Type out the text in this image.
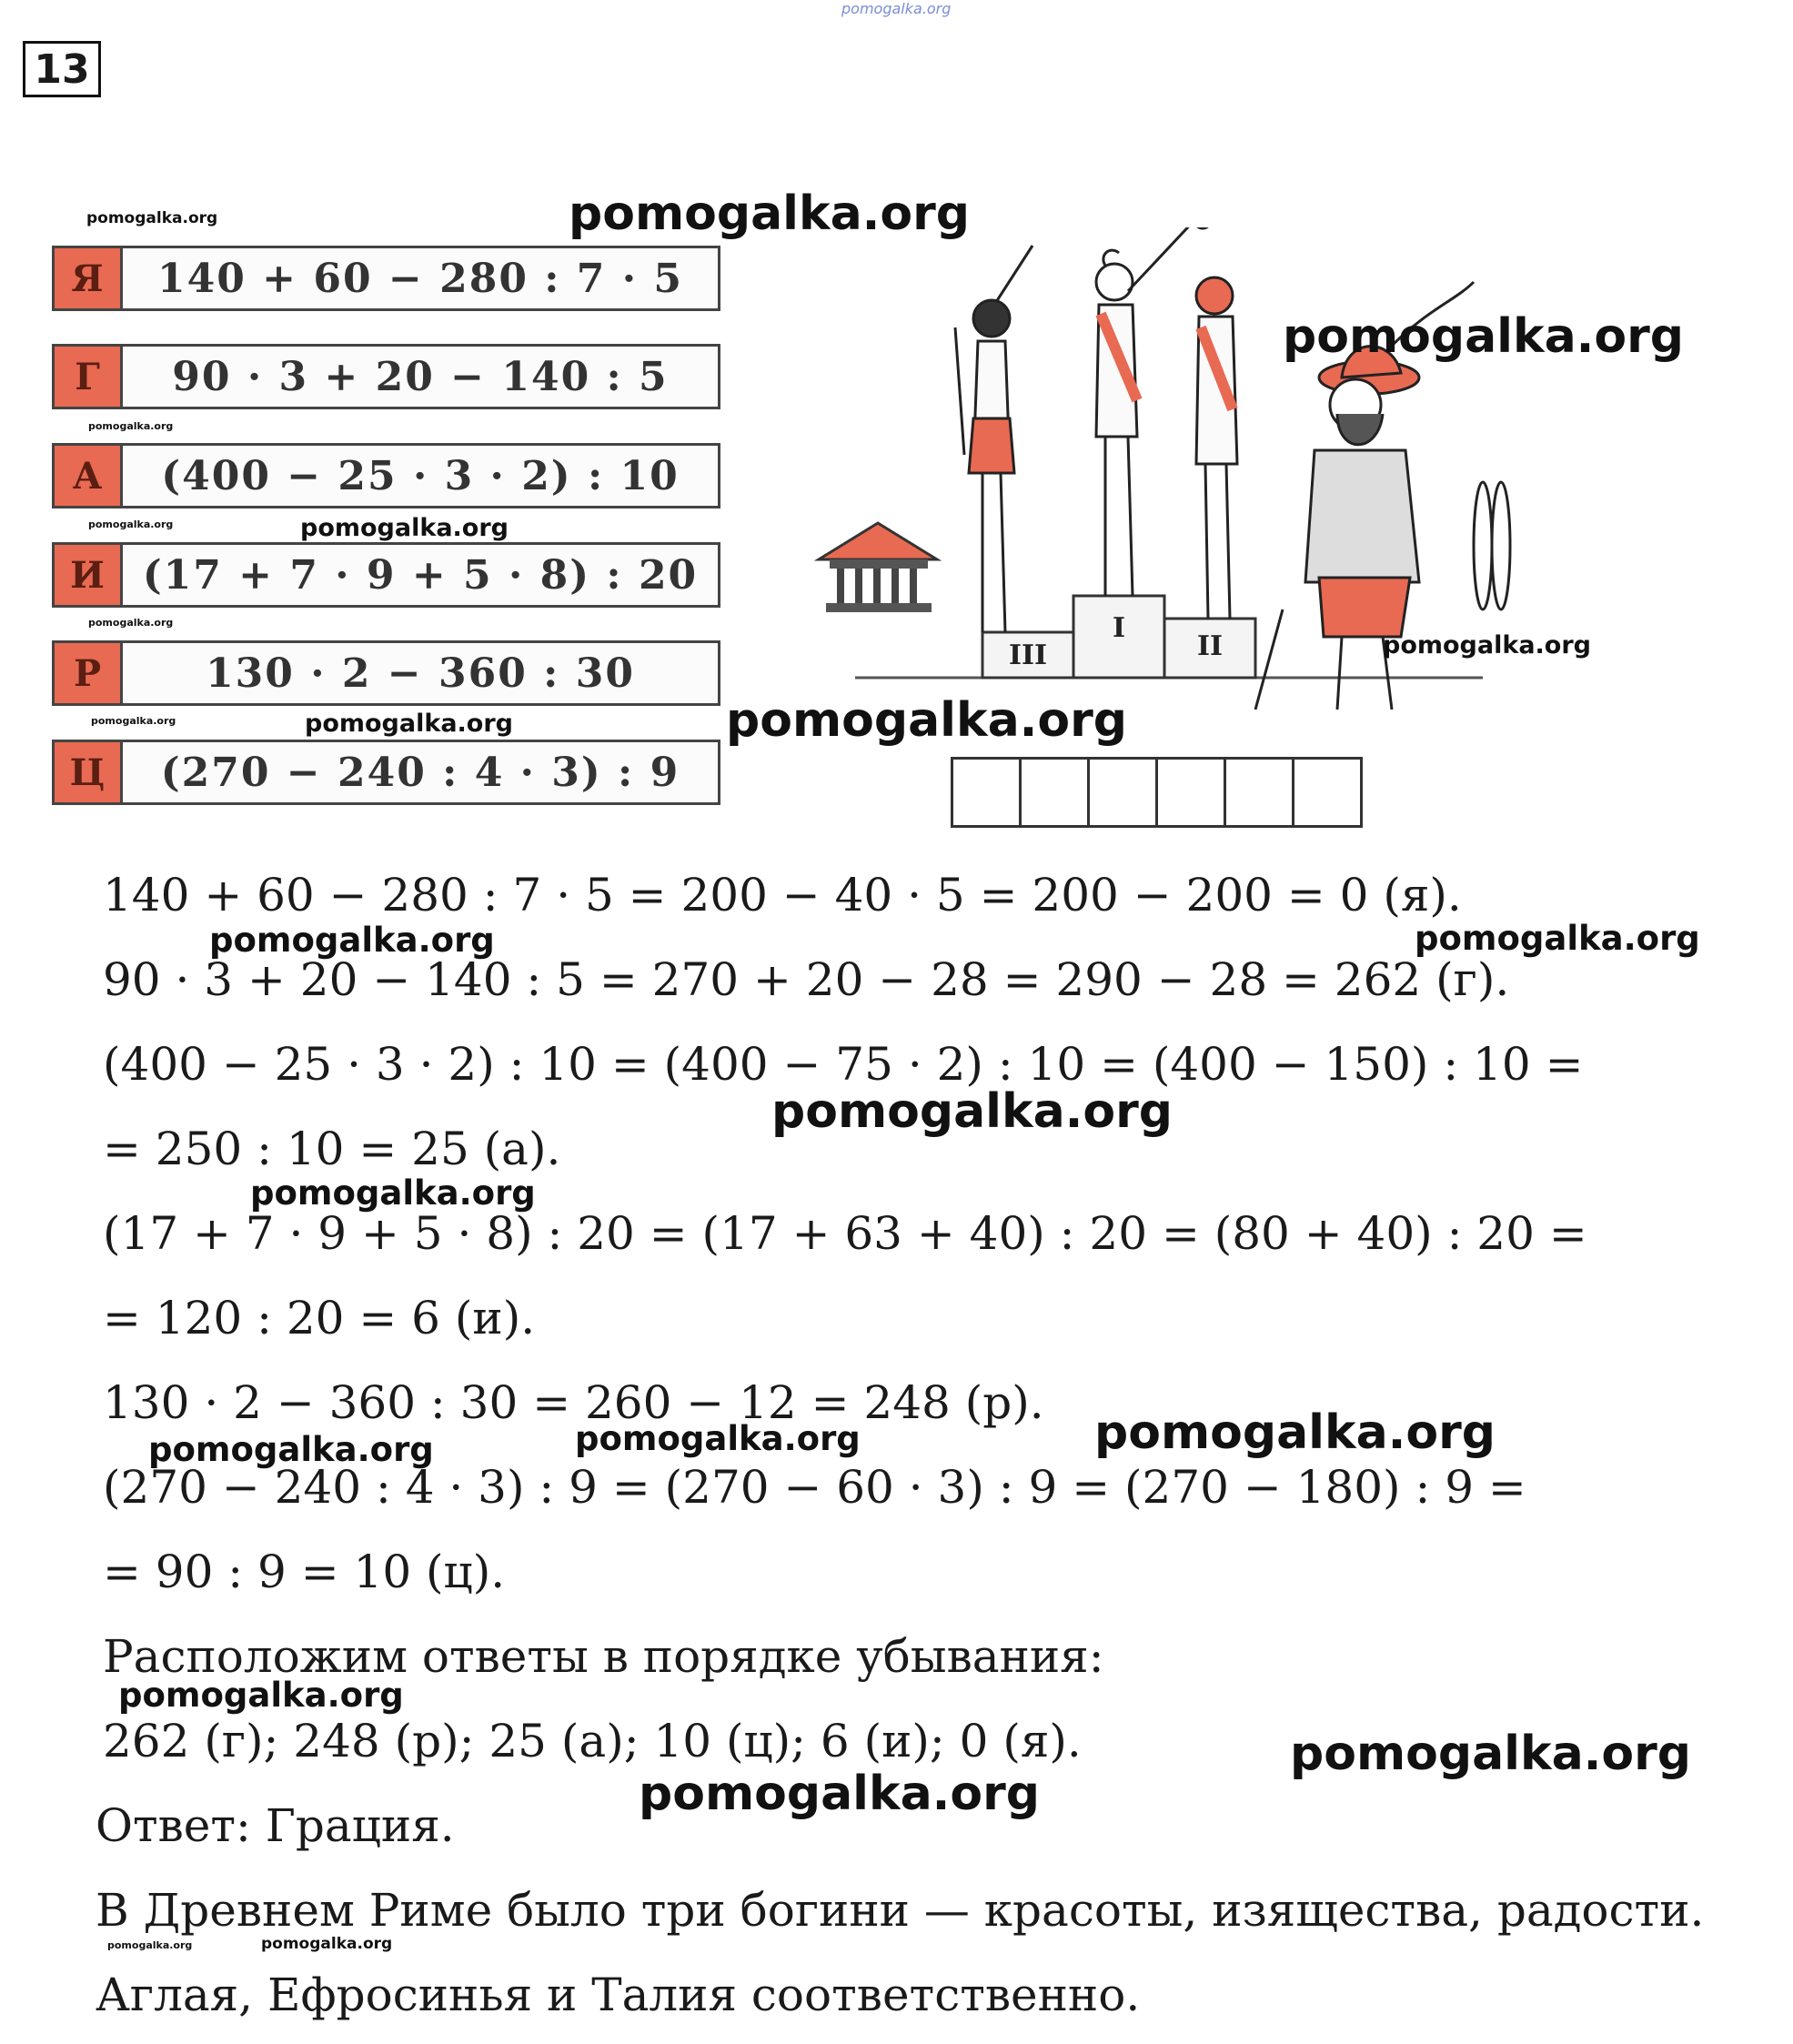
pomogalka.org
13
Я	140 + 60 − 280 : 7 · 5
Г	90 · 3 + 20 − 140 : 5
А	(400 − 25 · 3 · 2) : 10
И (17 + 7 · 9 + 5 · 8) : 20
Р	130 · 2 − 360 : 30
Ц	(270 − 240 : 4 · 3) : 9
III
I
II
140 + 60 − 280 : 7 · 5 = 200 − 40 · 5 = 200 − 200 = 0 (я).
90 · 3 + 20 − 140 : 5 = 270 + 20 − 28 = 290 − 28 = 262 (г).
(400 − 25 · 3 · 2) : 10 = (400 − 75 · 2) : 10 = (400 − 150) : 10 =
= 250 : 10 = 25 (а).
(17 + 7 · 9 + 5 · 8) : 20 = (17 + 63 + 40) : 20 = (80 + 40) : 20 =
= 120 : 20 = 6 (и).
130 · 2 − 360 : 30 = 260 − 12 = 248 (р).
(270 − 240 : 4 · 3) : 9 = (270 − 60 · 3) : 9 = (270 − 180) : 9 =
= 90 : 9 = 10 (ц).
Расположим ответы в порядке убывания:
262 (г); 248 (р); 25 (а); 10 (ц); 6 (и); 0 (я).
Ответ: Грация.
В Древнем Риме было три богини — красоты, изящества, радости.
Аглая, Ефросинья и Талия соответственно.
pomogalka.org	pomogalka.org
pomogalka.org
pomogalka.org
pomogalka.org	pomogalka.org
pomogalka.org
pomogalka.org
pomogalka.org	pomogalka.org	pomogalka.org
pomogalka.org	pomogalka.org
pomogalka.org
pomogalka.org
pomogalka.org	pomogalka.org	pomogalka.org
pomogalka.org
pomogalka.org
pomogalka.org
pomogalka.org	pomogalka.org
